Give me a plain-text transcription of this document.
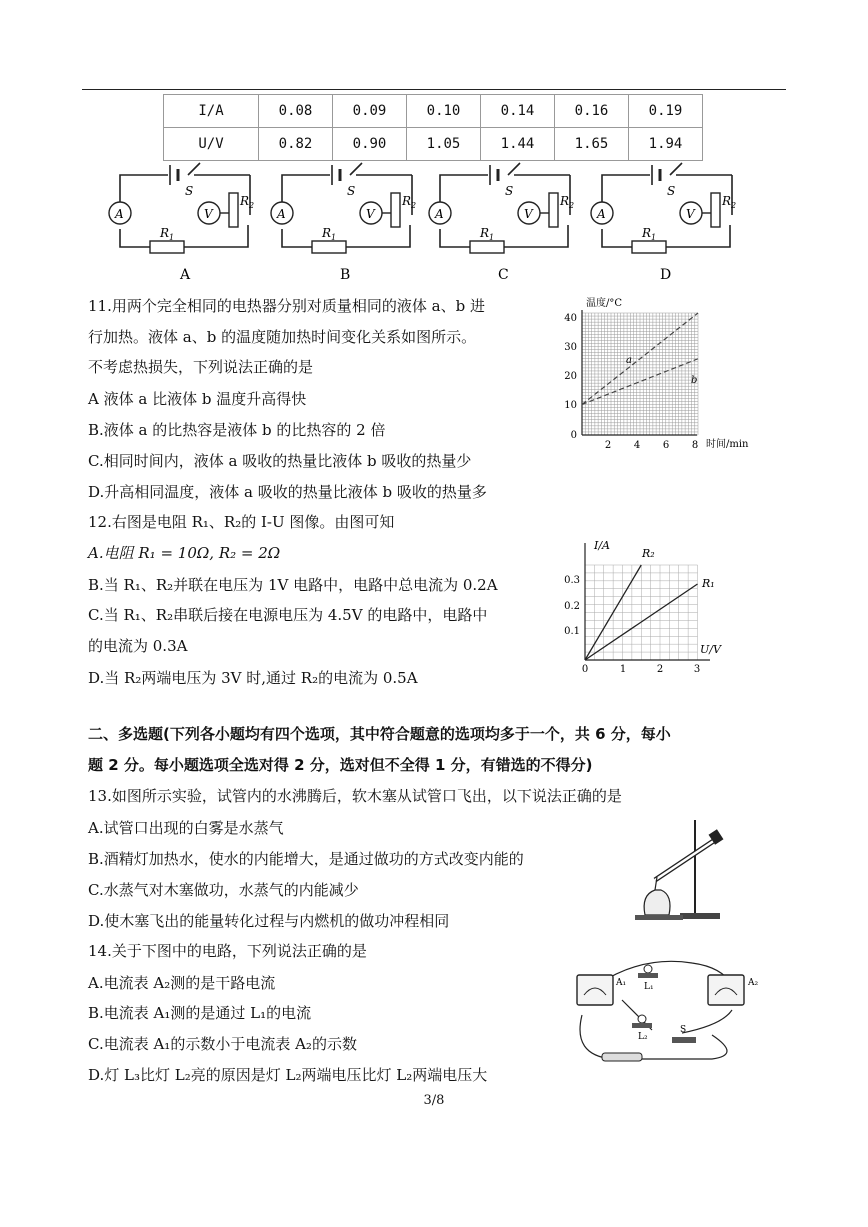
I/A	0.08	0.09	0.10	0.14	0.16	0.19
U/V	0.82	0.90	1.05	1.44	1.65	1.94
A	B	C	D
A	V	A	V	A	V	A	V
S	S	S	S
$R_1$	$R_1$	$R_1$	$R_1$
$R_2$	$R_2$	$R_2$	$R_2$
11.用两个完全相同的电热器分别对质量相同的液体 a、b 进
行加热。液体 a、b 的温度随加热时间变化关系如图所示。
不考虑热损失，下列说法正确的是
A 液体 a 比液体 b 温度升高得快
B.液体 a 的比热容是液体 b 的比热容的 2 倍
C.相同时间内，液体 a 吸收的热量比液体 b 吸收的热量少
D.升高相同温度，液体 a 吸收的热量比液体 b 吸收的热量多
温度/°C
时间/min
0
10
20
30
40
2 4 6 8
a
b
12.右图是电阻 R₁、R₂的 I-U 图像。由图可知
A.电阻 R₁ = 10Ω, R₂ = 2Ω
B.当 R₁、R₂并联在电压为 1V 电路中，电路中总电流为 0.2A
C.当 R₁、R₂串联后接在电源电压为 4.5V 的电路中，电路中
的电流为 0.3A
D.当 R₂两端电压为 3V 时,通过 R₂的电流为 0.5A
I/A
U/V
0.1
0.2
0.3
0	1	2	3
R₂
R₁
二、多选题(下列各小题均有四个选项，其中符合题意的选项均多于一个，共 6 分，每小
题 2 分。每小题选项全选对得 2 分，选对但不全得 1 分，有错选的不得分)
13.如图所示实验，试管内的水沸腾后，软木塞从试管口飞出，以下说法正确的是
A.试管口出现的白雾是水蒸气
B.酒精灯加热水，使水的内能增大，是通过做功的方式改变内能的
C.水蒸气对木塞做功，水蒸气的内能减少
D.使木塞飞出的能量转化过程与内燃机的做功冲程相同
14.关于下图中的电路，下列说法正确的是
A.电流表 A₂测的是干路电流
B.电流表 A₁测的是通过 L₁的电流
C.电流表 A₁的示数小于电流表 A₂的示数
D.灯 L₃比灯 L₂亮的原因是灯 L₂两端电压比灯 L₂两端电压大
A₁	A₂
L₁
L₂
S
3/8
